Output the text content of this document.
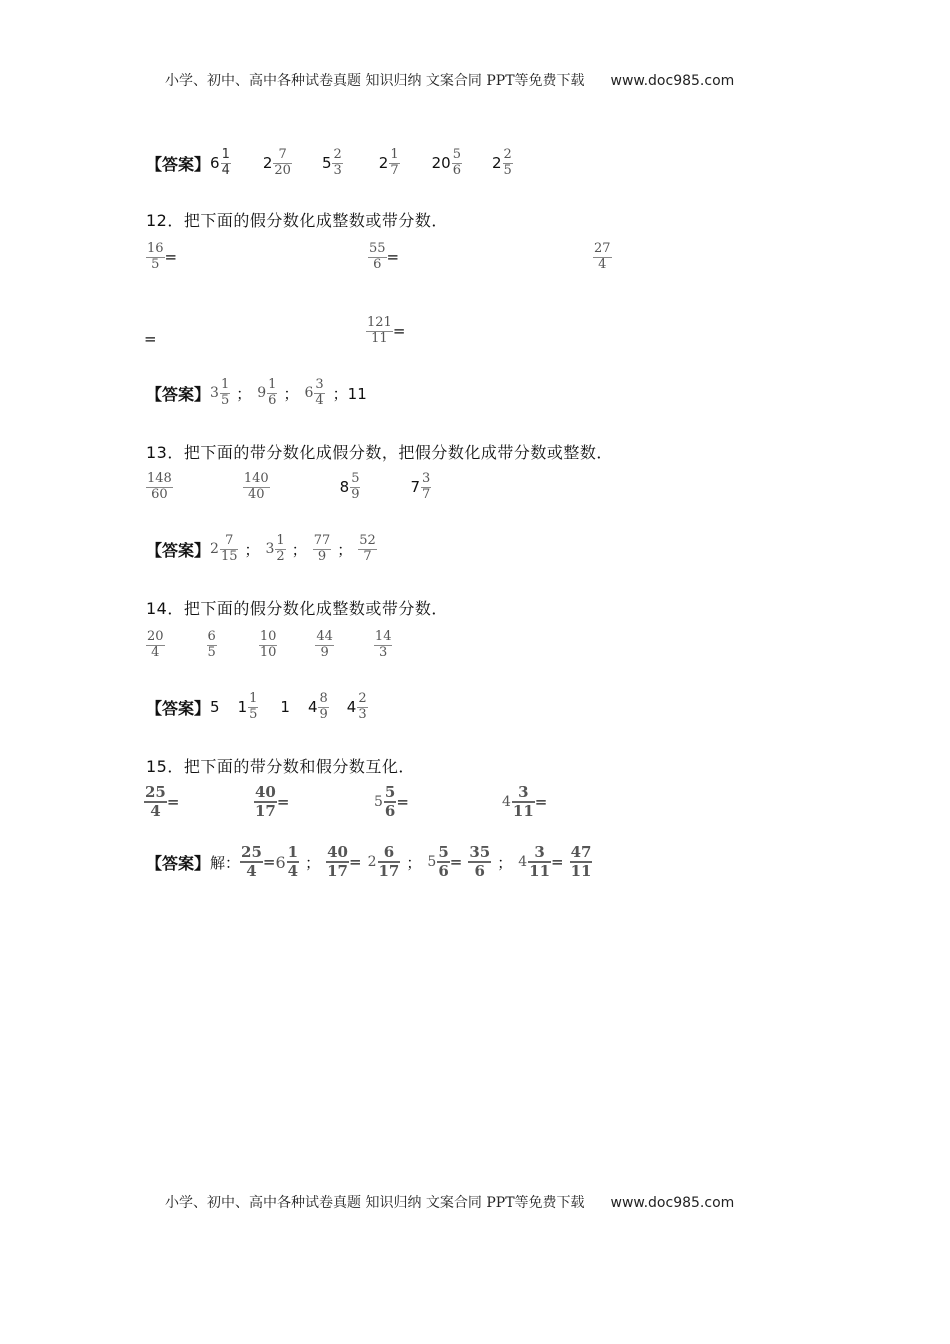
小学、初中、高中各种试卷真题 知识归纳 文案合同 PPT等免费下载 www.doc985.com
【答案】 $6 \frac{1}{4} 2 \frac{7}{20} 5 \frac{2}{3} 2 \frac{1}{7} 20 \frac{5}{6} 2 \frac{2}{5}$
12．把下面的假分数化成整数或带分数．
$\frac{16}{5}$ =	$\frac{55}{6}$ =	$\frac{27}{4}$
=	$\frac{121}{11}$ =
【答案】 $3 \frac{1}{5}$ ； $9 \frac{1}{6}$ ； $6 \frac{3}{4}$ ；11
13．把下面的带分数化成假分数，把假分数化成带分数或整数．
$\frac{148}{60}$	$\frac{140}{40}$	$8 \frac{5}{9}$	$7 \frac{3}{7}$
【答案】 $2 \frac{7}{15}$ ； $3 \frac{1}{2}$ ； $\frac{77}{9}$ ； $\frac{52}{7}$
14．把下面的假分数化成整数或带分数．
$\frac{20}{4}$	$\frac{6}{5}$	$\frac{10}{10}$	$\frac{44}{9}$	$\frac{14}{3}$
【答案】 5 $1 \frac{1}{5} 1$ $4 \frac{8}{9} 4 \frac{2}{3}$
15．把下面的带分数和假分数互化．
$\frac{25}{4}$ =	$\frac{40}{17}$ =	$5 \frac{5}{6}$ =	$4 \frac{3}{11}$ =
【答案】 解： $\frac{25}{4} = 6 \frac{1}{4}$ ； $\frac{40}{17} = 2 \frac{6}{17}$ ； $5 \frac{5}{6} = \frac{35}{6}$ ； $4 \frac{3}{11} = \frac{47}{11}$
小学、初中、高中各种试卷真题 知识归纳 文案合同 PPT等免费下载 www.doc985.com
